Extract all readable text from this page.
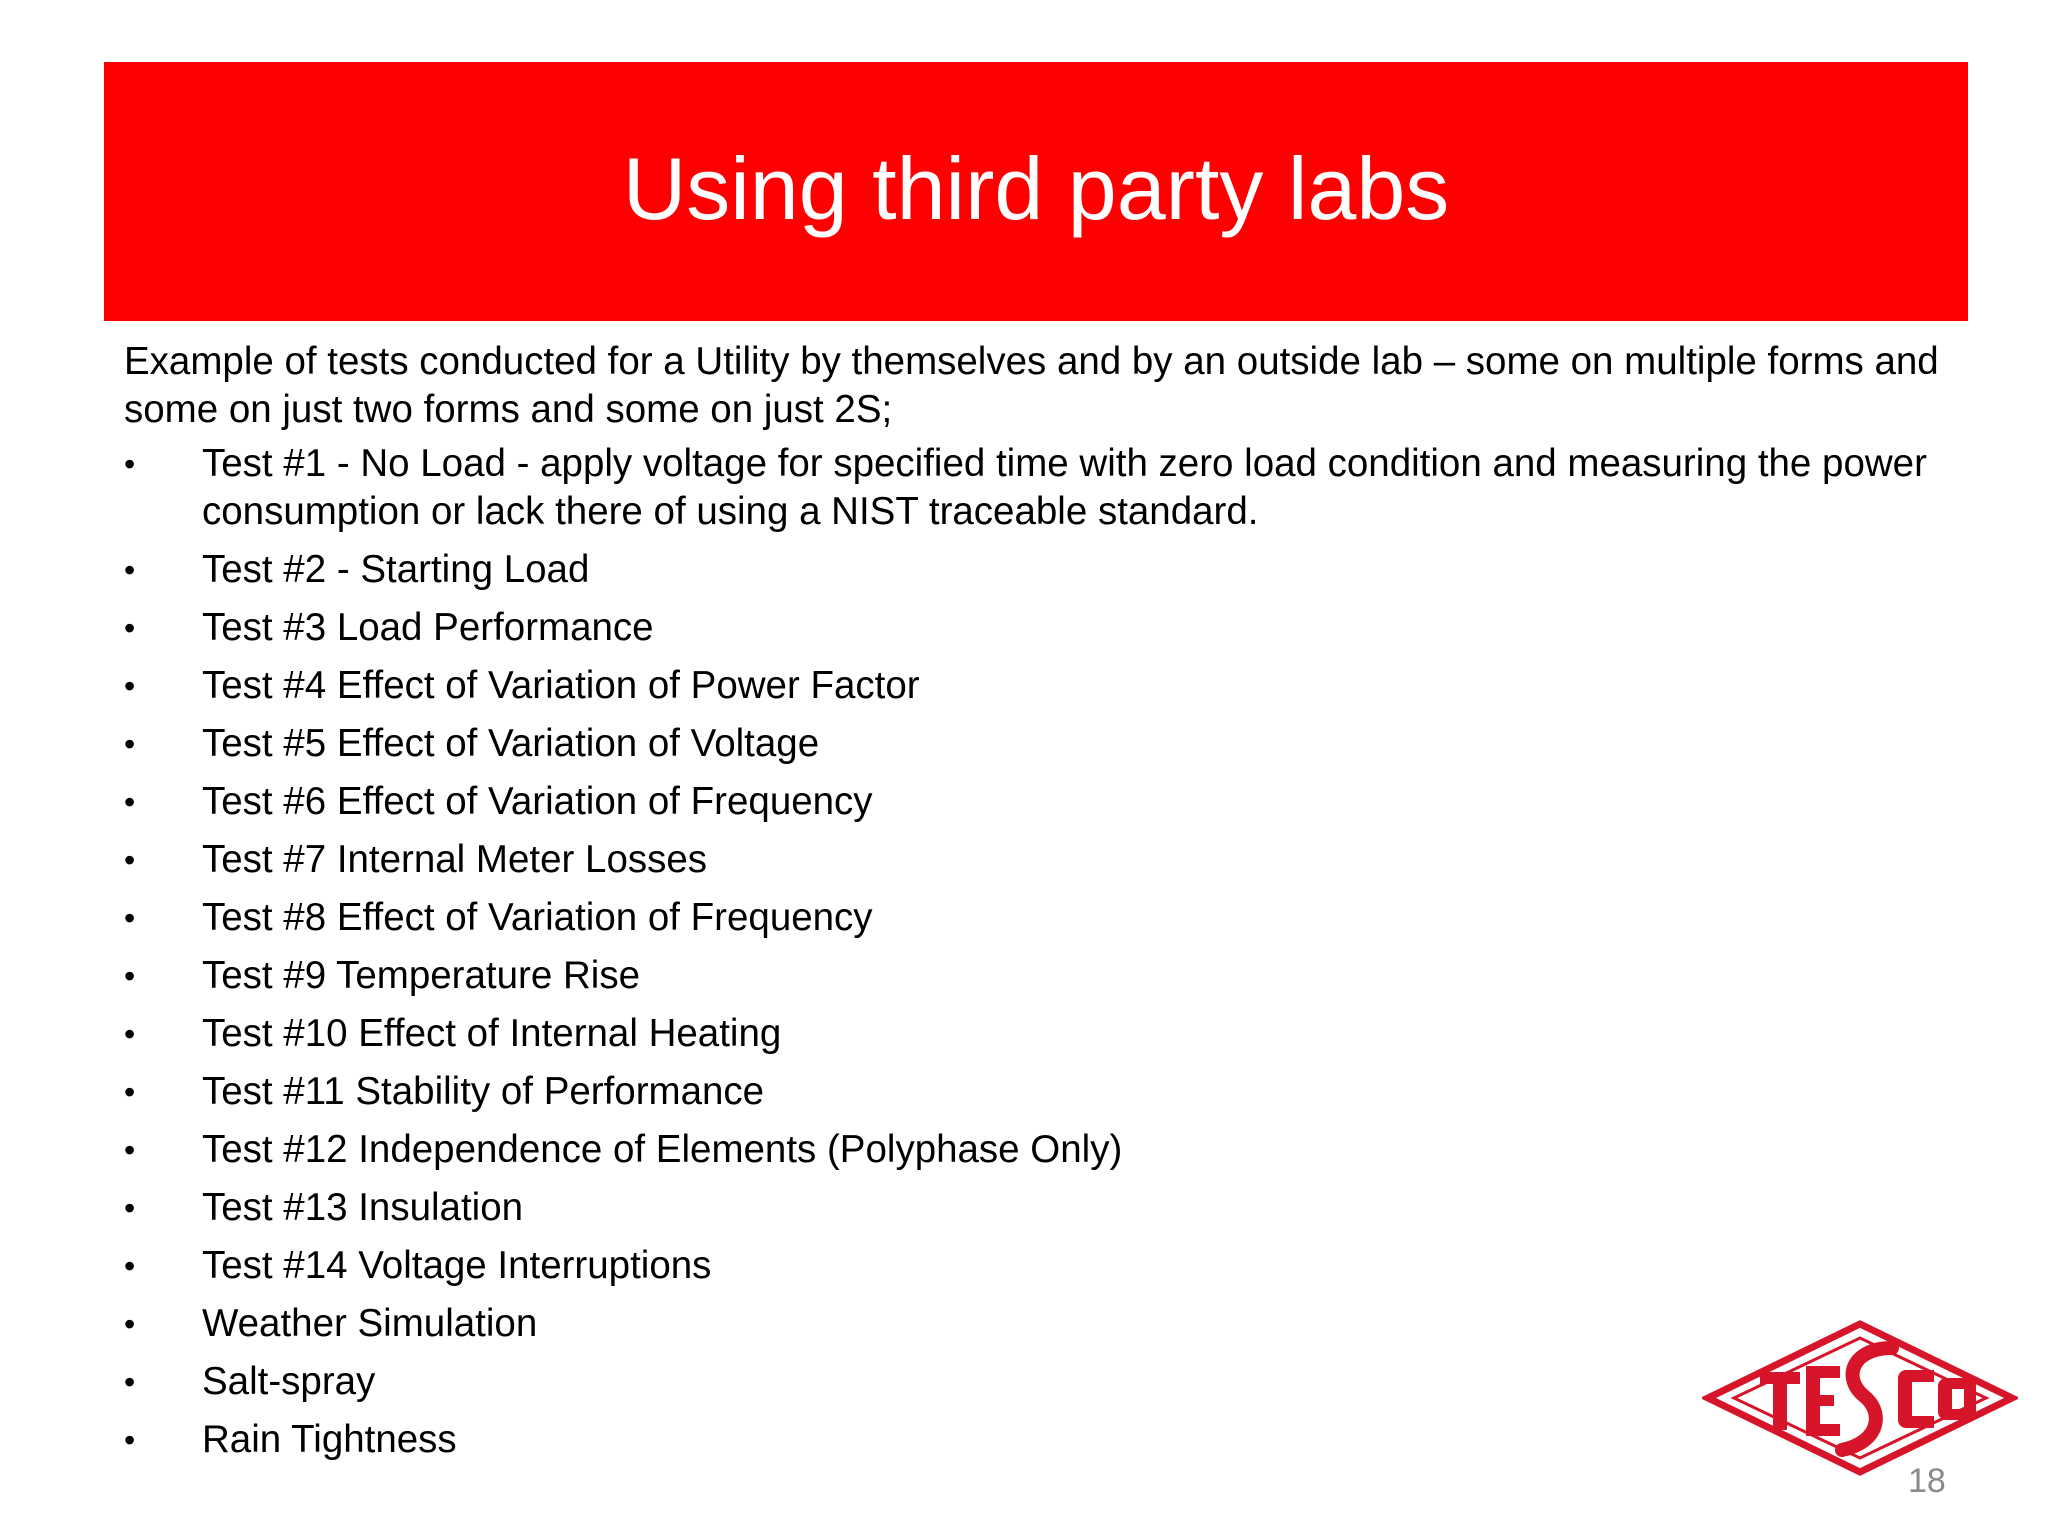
Using third party labs

Example of tests conducted for a Utility by themselves and by an outside lab – some on multiple forms and some on just two forms and some on just 2S;

• Test #1 - No Load - apply voltage for specified time with zero load condition and measuring the power consumption or lack there of using a NIST traceable standard.
• Test #2 - Starting Load
• Test #3 Load Performance
• Test #4 Effect of Variation of Power Factor
• Test #5 Effect of Variation of Voltage
• Test #6 Effect of Variation of Frequency
• Test #7 Internal Meter Losses
• Test #8 Effect of Variation of Frequency
• Test #9 Temperature Rise
• Test #10 Effect of Internal Heating
• Test #11 Stability of Performance
• Test #12 Independence of Elements (Polyphase Only)
• Test #13 Insulation
• Test #14 Voltage Interruptions
• Weather Simulation
• Salt-spray
• Rain Tightness
18
